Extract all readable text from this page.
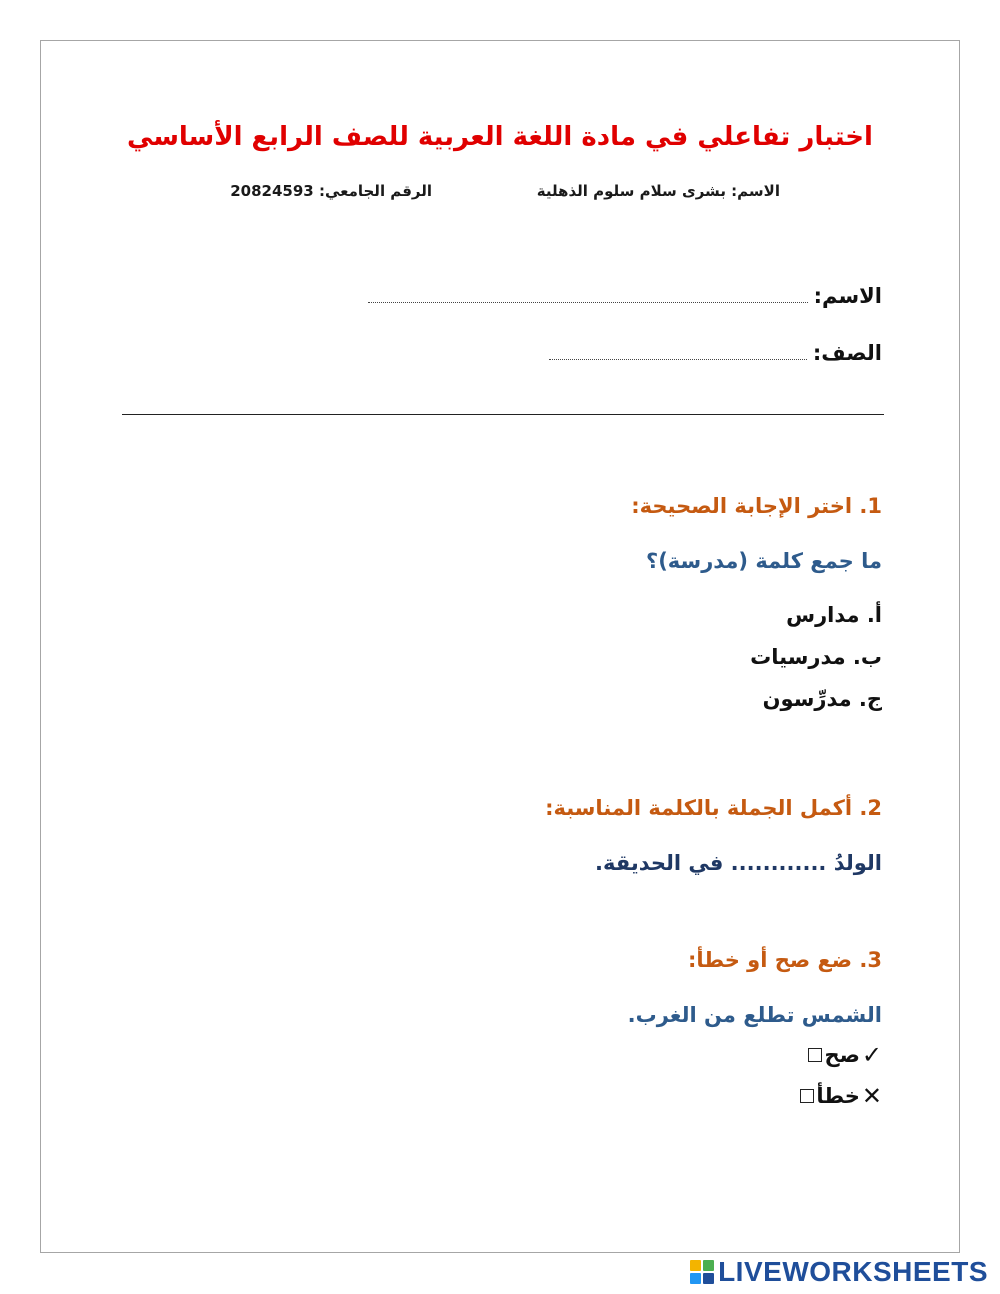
اختبار تفاعلي في مادة اللغة العربية للصف الرابع الأساسي
الاسم: بشرى سلام سلوم الذهلية
الرقم الجامعي: 20824593
الاسم:
الصف:
1. اختر الإجابة الصحيحة:
ما جمع كلمة (مدرسة)؟
أ. مدارس
ب. مدرسيات
ج. مدرِّسون
2. أكمل الجملة بالكلمة المناسبة:
الولدُ ............ في الحديقة.
3. ضع صح أو خطأ:
الشمس تطلع من الغرب.
✓
صح
✕
خطأ
LIVEWORKSHEETS
